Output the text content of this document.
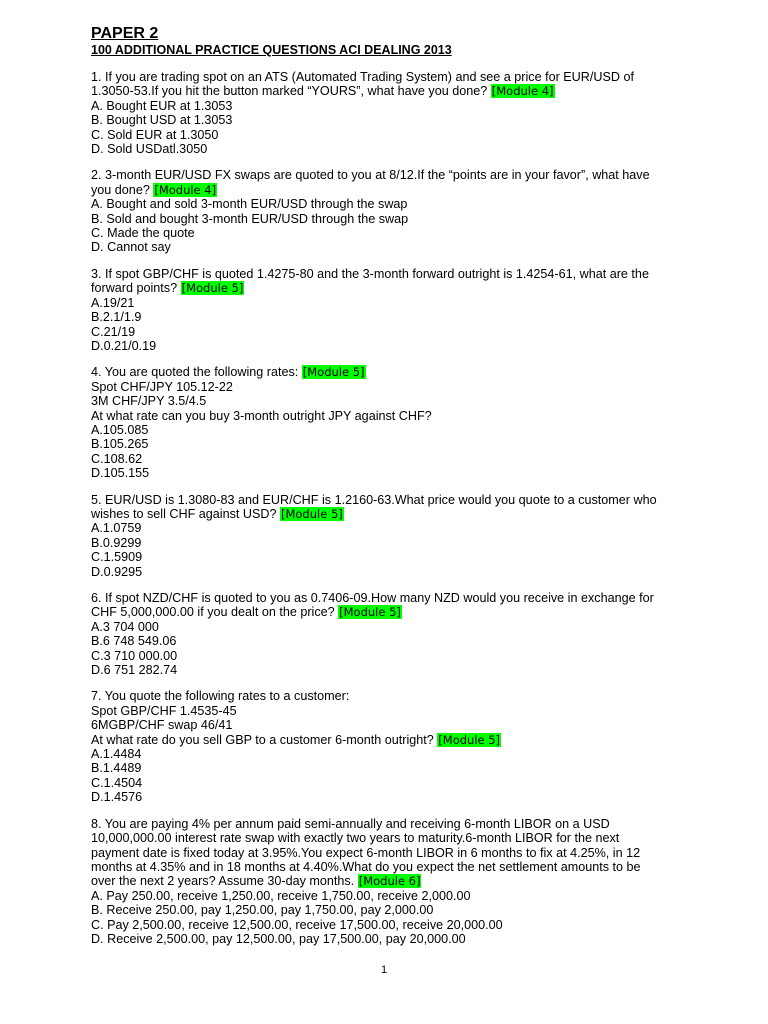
PAPER 2
100 ADDITIONAL PRACTICE QUESTIONS ACI DEALING 2013
1. If you are trading spot on an ATS (Automated Trading System) and see a price for EUR/USD of
1.3050-53.If you hit the button marked “YOURS”, what have you done? [Module 4]
A. Bought EUR at 1.3053
B. Bought USD at 1.3053
C. Sold EUR at 1.3050
D. Sold USDatl.3050
2. 3-month EUR/USD FX swaps are quoted to you at 8/12.If the “points are in your favor”, what have
you done? [Module 4]
A. Bought and sold 3-month EUR/USD through the swap
B. Sold and bought 3-month EUR/USD through the swap
C. Made the quote
D. Cannot say
3. If spot GBP/CHF is quoted 1.4275-80 and the 3-month forward outright is 1.4254-61, what are the
forward points? [Module 5]
A.19/21
B.2.1/1.9
C.21/19
D.0.21/0.19
4. You are quoted the following rates: [Module 5]
Spot CHF/JPY 105.12-22
3M CHF/JPY 3.5/4.5
At what rate can you buy 3-month outright JPY against CHF?
A.105.085
B.105.265
C.108.62
D.105.155
5. EUR/USD is 1.3080-83 and EUR/CHF is 1.2160-63.What price would you quote to a customer who
wishes to sell CHF against USD? [Module 5]
A.1.0759
B.0.9299
C.1.5909
D.0.9295
6. If spot NZD/CHF is quoted to you as 0.7406-09.How many NZD would you receive in exchange for
CHF 5,000,000.00 if you dealt on the price? [Module 5]
A.3 704 000
B.6 748 549.06
C.3 710 000.00
D.6 751 282.74
7. You quote the following rates to a customer:
Spot GBP/CHF 1.4535-45
6MGBP/CHF swap 46/41
At what rate do you sell GBP to a customer 6-month outright? [Module 5]
A.1.4484
B.1.4489
C.1.4504
D.1.4576
8. You are paying 4% per annum paid semi-annually and receiving 6-month LIBOR on a USD
10,000,000.00 interest rate swap with exactly two years to maturity.6-month LIBOR for the next
payment date is fixed today at 3.95%.You expect 6-month LIBOR in 6 months to fix at 4.25%, in 12
months at 4.35% and in 18 months at 4.40%.What do you expect the net settlement amounts to be
over the next 2 years? Assume 30-day months. [Module 6]
A. Pay 250.00, receive 1,250.00, receive 1,750.00, receive 2,000.00
B. Receive 250.00, pay 1,250.00, pay 1,750.00, pay 2,000.00
C. Pay 2,500.00, receive 12,500.00, receive 17,500.00, receive 20,000.00
D. Receive 2,500.00, pay 12,500.00, pay 17,500.00, pay 20,000.00
1
